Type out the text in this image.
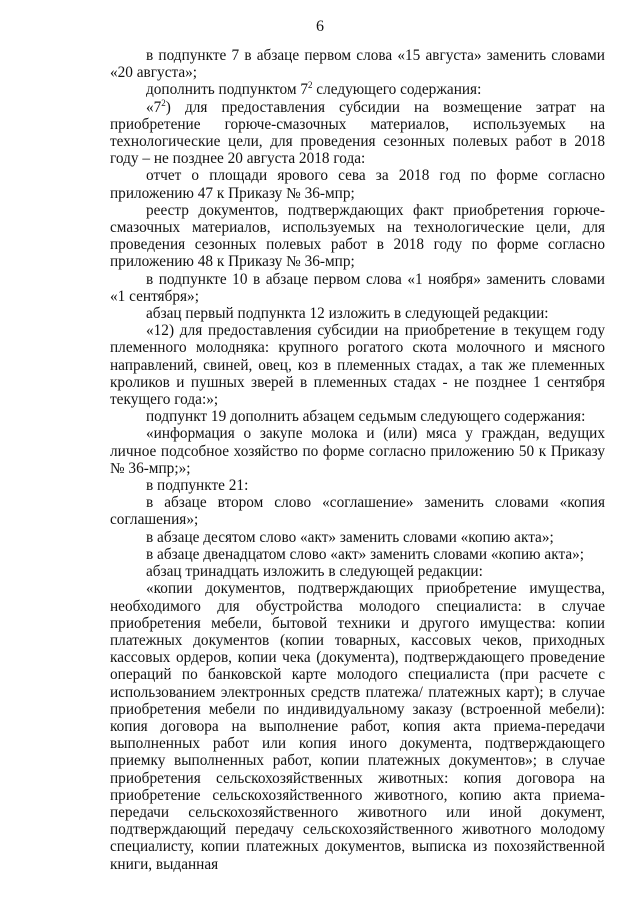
6

в подпункте 7 в абзаце первом слова «15 августа» заменить словами «20 августа»;

дополнить подпунктом $7^2$ следующего содержания:

«$7^2$) для предоставления субсидии на возмещение затрат на приобретение горюче-смазочных материалов, используемых на технологические цели, для проведения сезонных полевых работ в 2018 году – не позднее 20 августа 2018 года:

отчет о площади ярового сева за 2018 год по форме согласно приложению 47 к Приказу № 36-мпр;

реестр документов, подтверждающих факт приобретения горюче-смазочных материалов, используемых на технологические цели, для проведения сезонных полевых работ в 2018 году по форме согласно приложению 48 к Приказу № 36-мпр;

в подпункте 10 в абзаце первом слова «1 ноября» заменить словами «1 сентября»;

абзац первый подпункта 12 изложить в следующей редакции:

«12) для предоставления субсидии на приобретение в текущем году племенного молодняка: крупного рогатого скота молочного и мясного направлений, свиней, овец, коз в племенных стадах, а так же племенных кроликов и пушных зверей в племенных стадах - не позднее 1 сентября текущего года:»;

подпункт 19 дополнить абзацем седьмым следующего содержания:

«информация о закупе молока и (или) мяса у граждан, ведущих личное подсобное хозяйство по форме согласно приложению 50 к Приказу № 36-мпр;»;

в подпункте 21:

в абзаце втором слово «соглашение» заменить словами «копия соглашения»;

в абзаце десятом слово «акт» заменить словами «копию акта»;

в абзаце двенадцатом слово «акт» заменить словами «копию акта»;

абзац тринадцать изложить в следующей редакции:

«копии документов, подтверждающих приобретение имущества, необходимого для обустройства молодого специалиста: в случае приобретения мебели, бытовой техники и другого имущества: копии платежных документов (копии товарных, кассовых чеков, приходных кассовых ордеров, копии чека (документа), подтверждающего проведение операций по банковской карте молодого специалиста (при расчете с использованием электронных средств платежа/ платежных карт); в случае приобретения мебели по индивидуальному заказу (встроенной мебели): копия договора на выполнение работ, копия акта приема-передачи выполненных работ или копия иного документа, подтверждающего приемку выполненных работ, копии платежных документов»; в случае приобретения сельскохозяйственных животных: копия договора на приобретение сельскохозяйственного животного, копию акта приема-передачи сельскохозяйственного животного или иной документ, подтверждающий передачу сельскохозяйственного животного молодому специалисту, копии платежных документов, выписка из похозяйственной книги, выданная
